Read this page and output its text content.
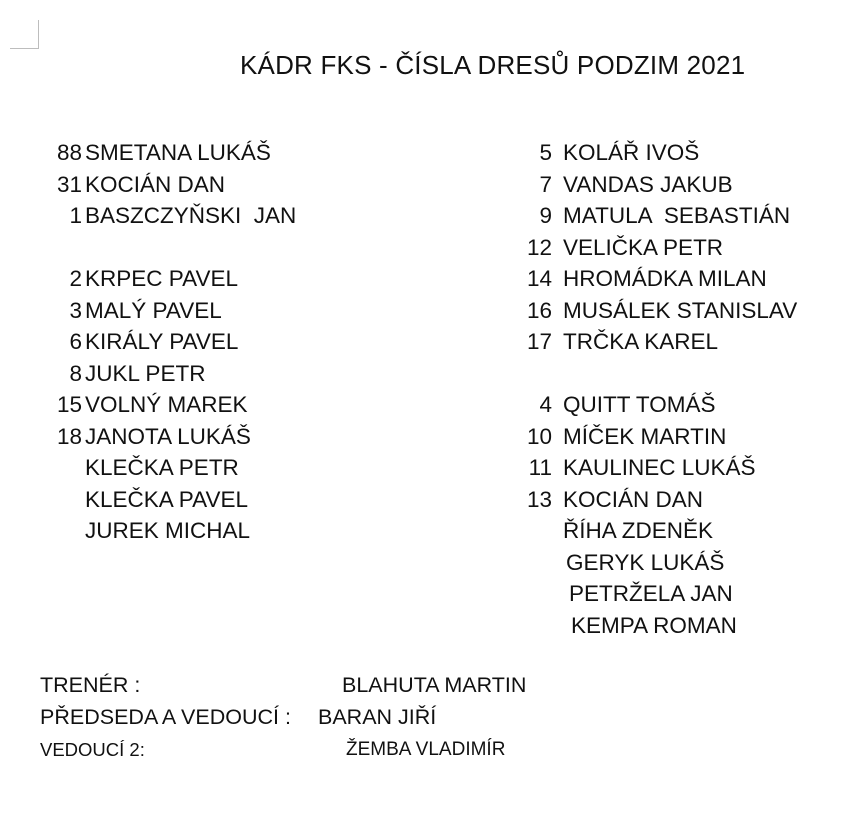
KÁDR FKS - ČÍSLA DRESŮ PODZIM 2021
88 SMETANA LUKÁŠ
31 KOCIÁN DAN
1 BASZCZYŇSKI  JAN
2 KRPEC PAVEL
3 MALÝ PAVEL
6 KIRÁLY PAVEL
8 JUKL PETR
15 VOLNÝ MAREK
18 JANOTA LUKÁŠ
KLEČKA PETR
KLEČKA PAVEL
JUREK MICHAL
5 KOLÁŘ IVOŠ
7 VANDAS JAKUB
9 MATULA  SEBASTIÁN
12 VELIČKA PETR
14 HROMÁDKA MILAN
16 MUSÁLEK STANISLAV
17 TRČKA KAREL
4 QUITT TOMÁŠ
10 MÍČEK MARTIN
11 KAULINEC LUKÁŠ
13 KOCIÁN DAN
ŘÍHA ZDENĚK
GERYK LUKÁŠ
PETRŽELA JAN
KEMPA ROMAN
TRENÉR :	BLAHUTA MARTIN
PŘEDSEDA A VEDOUCÍ : BARAN JIŘÍ
VEDOUCÍ 2:	ŽEMBA VLADIMÍR
